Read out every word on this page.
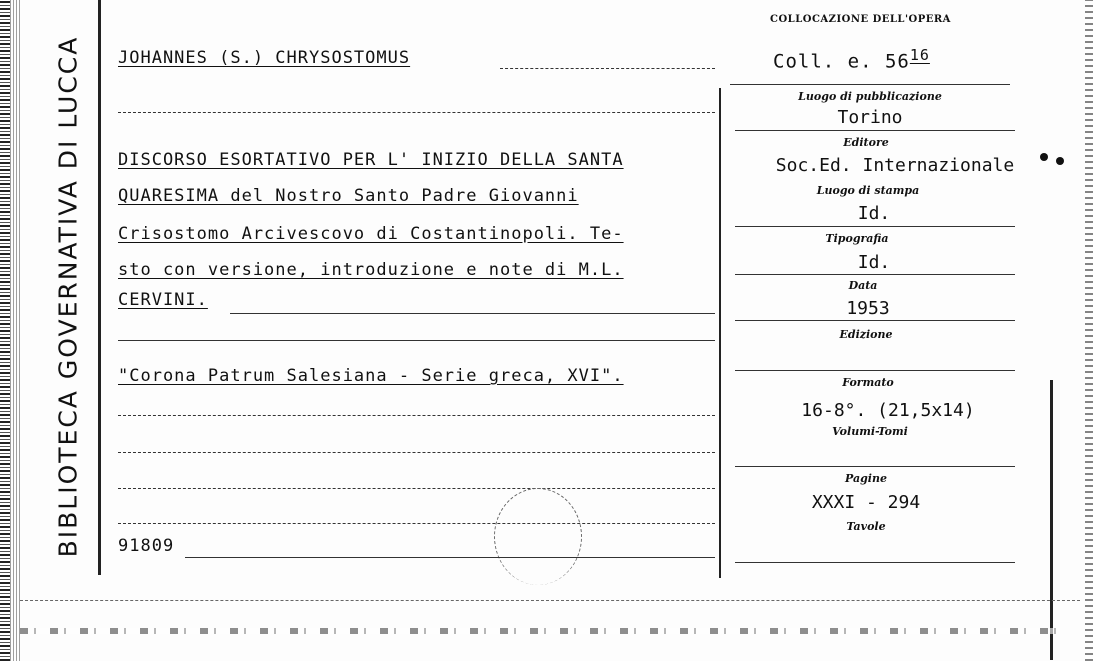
BIBLIOTECA GOVERNATIVA DI LUCCA JOHANNES (S.) CHRYSOSTOMUS
DISCORSO ESORTATIVO PER L' INIZIO DELLA SANTA
QUARESIMA del Nostro Santo Padre Giovanni
Crisostomo Arcivescovo di Costantinopoli. Te-
sto con versione, introduzione e note di M.L.
CERVINI.
"Corona Patrum Salesiana - Serie greca, XVI".
91809
COLLOCAZIONE DELL'OPERA
Coll. e. $56^{16}$
Luogo di pubblicazione
Torino
Editore
Soc.Ed. Internazionale
Luogo di stampa
Id.
Tipografia
Id.
Data
1953
Edizione
Formato
16-8°. (21,5x14)
Volumi-Tomi
Pagine
XXXI - 294
Tavole
